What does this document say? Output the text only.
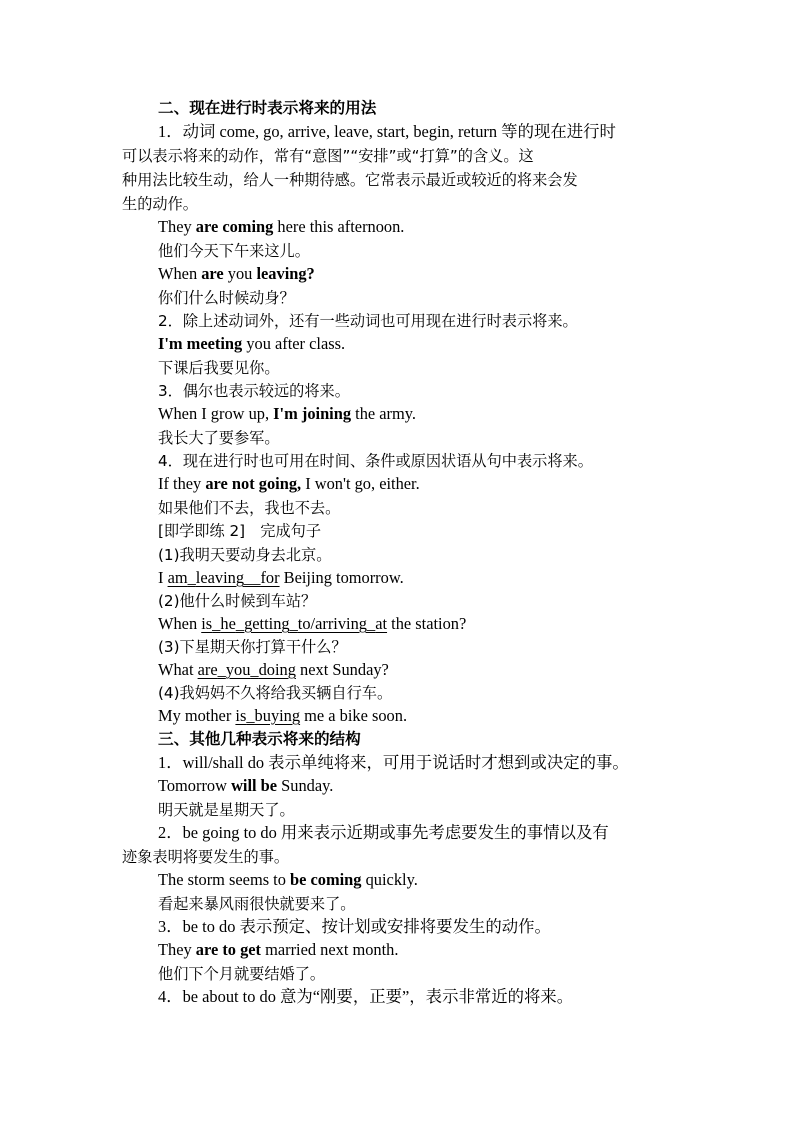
二、现在进行时表示将来的用法
1．动词 come, go, arrive, leave, start, begin, return 等的现在进行时
可以表示将来的动作，常有“意图”“安排”或“打算”的含义。这
种用法比较生动，给人一种期待感。它常表示最近或较近的将来会发
生的动作。
They are coming here this afternoon.
他们今天下午来这儿。
When are you leaving?
你们什么时候动身？
2．除上述动词外，还有一些动词也可用现在进行时表示将来。
I'm meeting you after class.
下课后我要见你。
3．偶尔也表示较远的将来。
When I grow up, I'm joining the army.
我长大了要参军。
4．现在进行时也可用在时间、条件或原因状语从句中表示将来。
If they are not going, I won't go, either.
如果他们不去，我也不去。
[即学即练 2]　完成句子
(1)我明天要动身去北京。
I am_leaving__for Beijing tomorrow.
(2)他什么时候到车站？
When is_he_getting_to/arriving_at the station?
(3)下星期天你打算干什么？
What are_you_doing next Sunday?
(4)我妈妈不久将给我买辆自行车。
My mother is_buying me a bike soon.
三、其他几种表示将来的结构
1．will/shall do 表示单纯将来，可用于说话时才想到或决定的事。
Tomorrow will be Sunday.
明天就是星期天了。
2．be going to do 用来表示近期或事先考虑要发生的事情以及有
迹象表明将要发生的事。
The storm seems to be coming quickly.
看起来暴风雨很快就要来了。
3．be to do 表示预定、按计划或安排将要发生的动作。
They are to get married next month.
他们下个月就要结婚了。
4．be about to do 意为“刚要，正要”，表示非常近的将来。
